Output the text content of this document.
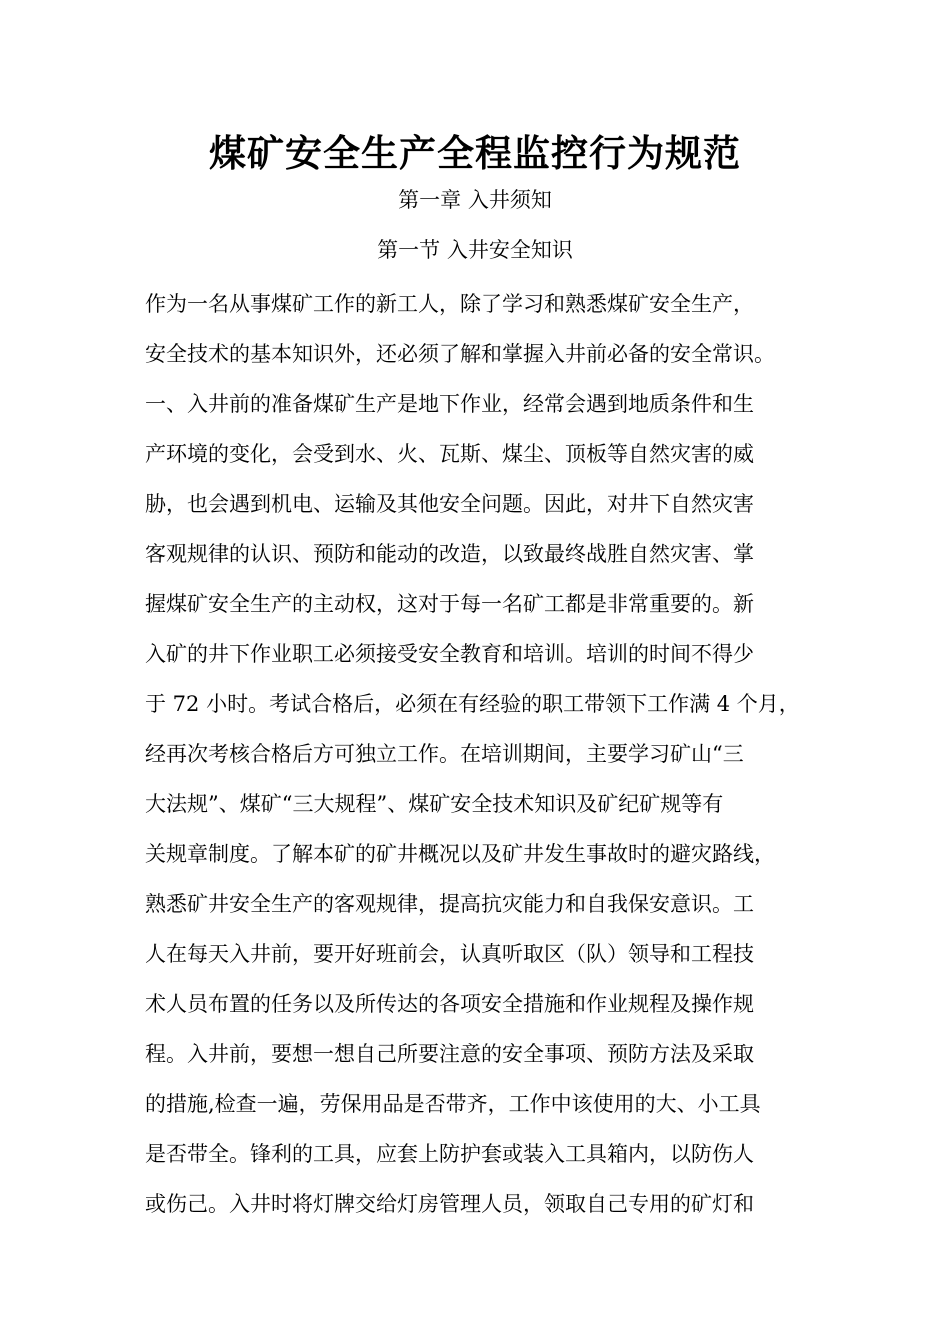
煤矿安全生产全程监控行为规范
第一章 入井须知
第一节 入井安全知识
作为一名从事煤矿工作的新工人，除了学习和熟悉煤矿安全生产，
安全技术的基本知识外，还必须了解和掌握入井前必备的安全常识。
一、入井前的准备煤矿生产是地下作业，经常会遇到地质条件和生
产环境的变化，会受到水、火、瓦斯、煤尘、顶板等自然灾害的威
胁，也会遇到机电、运输及其他安全问题。因此，对井下自然灾害
客观规律的认识、预防和能动的改造，以致最终战胜自然灾害、掌
握煤矿安全生产的主动权，这对于每一名矿工都是非常重要的。新
入矿的井下作业职工必须接受安全教育和培训。培训的时间不得少
于 72 小时。考试合格后，必须在有经验的职工带领下工作满 4 个月，
经再次考核合格后方可独立工作。在培训期间，主要学习矿山“三
大法规”、煤矿“三大规程”、煤矿安全技术知识及矿纪矿规等有
关规章制度。了解本矿的矿井概况以及矿井发生事故时的避灾路线，
熟悉矿井安全生产的客观规律，提高抗灾能力和自我保安意识。工
人在每天入井前，要开好班前会，认真听取区（队）领导和工程技
术人员布置的任务以及所传达的各项安全措施和作业规程及操作规
程。入井前，要想一想自己所要注意的安全事项、预防方法及采取
的措施,检查一遍，劳保用品是否带齐，工作中该使用的大、小工具
是否带全。锋利的工具，应套上防护套或装入工具箱内，以防伤人
或伤己。入井时将灯牌交给灯房管理人员，领取自己专用的矿灯和
